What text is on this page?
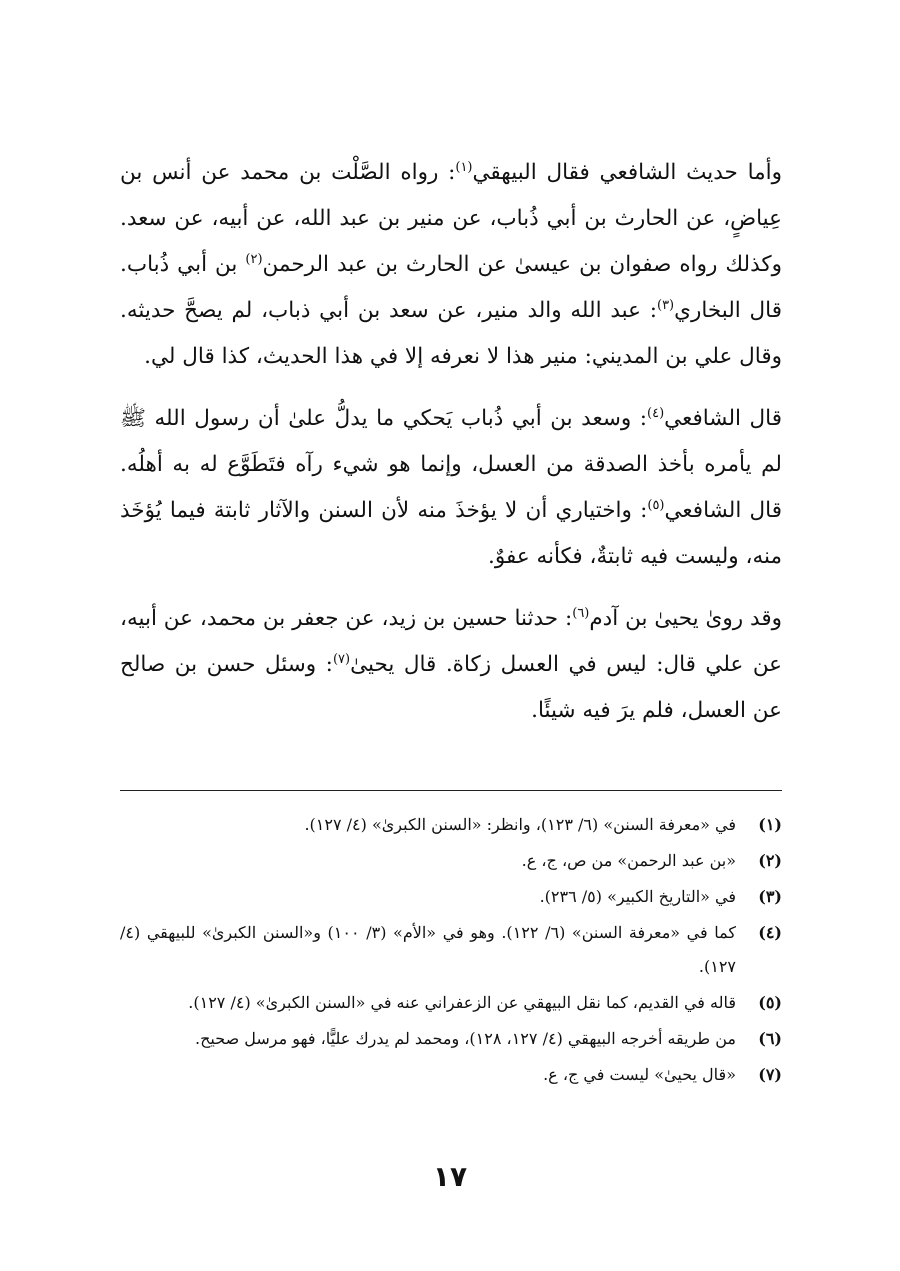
وأما حديث الشافعي فقال البيهقي$^{(١)}$: رواه الصَّلْت بن محمد عن أنس بن عِياضٍ، عن الحارث بن أبي ذُباب، عن منير بن عبد الله، عن أبيه، عن سعد. وكذلك رواه صفوان بن عيسىٰ عن الحارث بن عبد الرحمن$^{(٢)}$ بن أبي ذُباب. قال البخاري$^{(٣)}$: عبد الله والد منير، عن سعد بن أبي ذباب، لم يصحَّ حديثه. وقال علي بن المديني: منير هذا لا نعرفه إلا في هذا الحديث، كذا قال لي.

قال الشافعي$^{(٤)}$: وسعد بن أبي ذُباب يَحكي ما يدلُّ علىٰ أن رسول الله ﷺ لم يأمره بأخذ الصدقة من العسل، وإنما هو شيء رآه فتَطَوَّع له به أهلُه. قال الشافعي$^{(٥)}$: واختياري أن لا يؤخذَ منه لأن السنن والآثار ثابتة فيما يُؤخَذ منه، وليست فيه ثابتةٌ، فكأنه عفوٌ.

وقد روىٰ يحيىٰ بن آدم$^{(٦)}$: حدثنا حسين بن زيد، عن جعفر بن محمد، عن أبيه، عن علي قال: ليس في العسل زكاة. قال يحيىٰ$^{(٧)}$: وسئل حسن بن صالح عن العسل، فلم يرَ فيه شيئًا.

(١)
في «معرفة السنن» (٦/ ١٢٣)، وانظر: «السنن الكبرىٰ» (٤/ ١٢٧).
(٢)
«بن عبد الرحمن» من ص، ج، ع.
(٣)
في «التاريخ الكبير» (٥/ ٢٣٦).
(٤)
كما في «معرفة السنن» (٦/ ١٢٢). وهو في «الأم» (٣/ ١٠٠) و«السنن الكبرىٰ» للبيهقي (٤/ ١٢٧).
(٥)
قاله في القديم، كما نقل البيهقي عن الزعفراني عنه في «السنن الكبرىٰ» (٤/ ١٢٧).
(٦)
من طريقه أخرجه البيهقي (٤/ ١٢٧، ١٢٨)، ومحمد لم يدرك عليًّا، فهو مرسل صحيح.
(٧)
«قال يحيىٰ» ليست في ج، ع.
١٧
